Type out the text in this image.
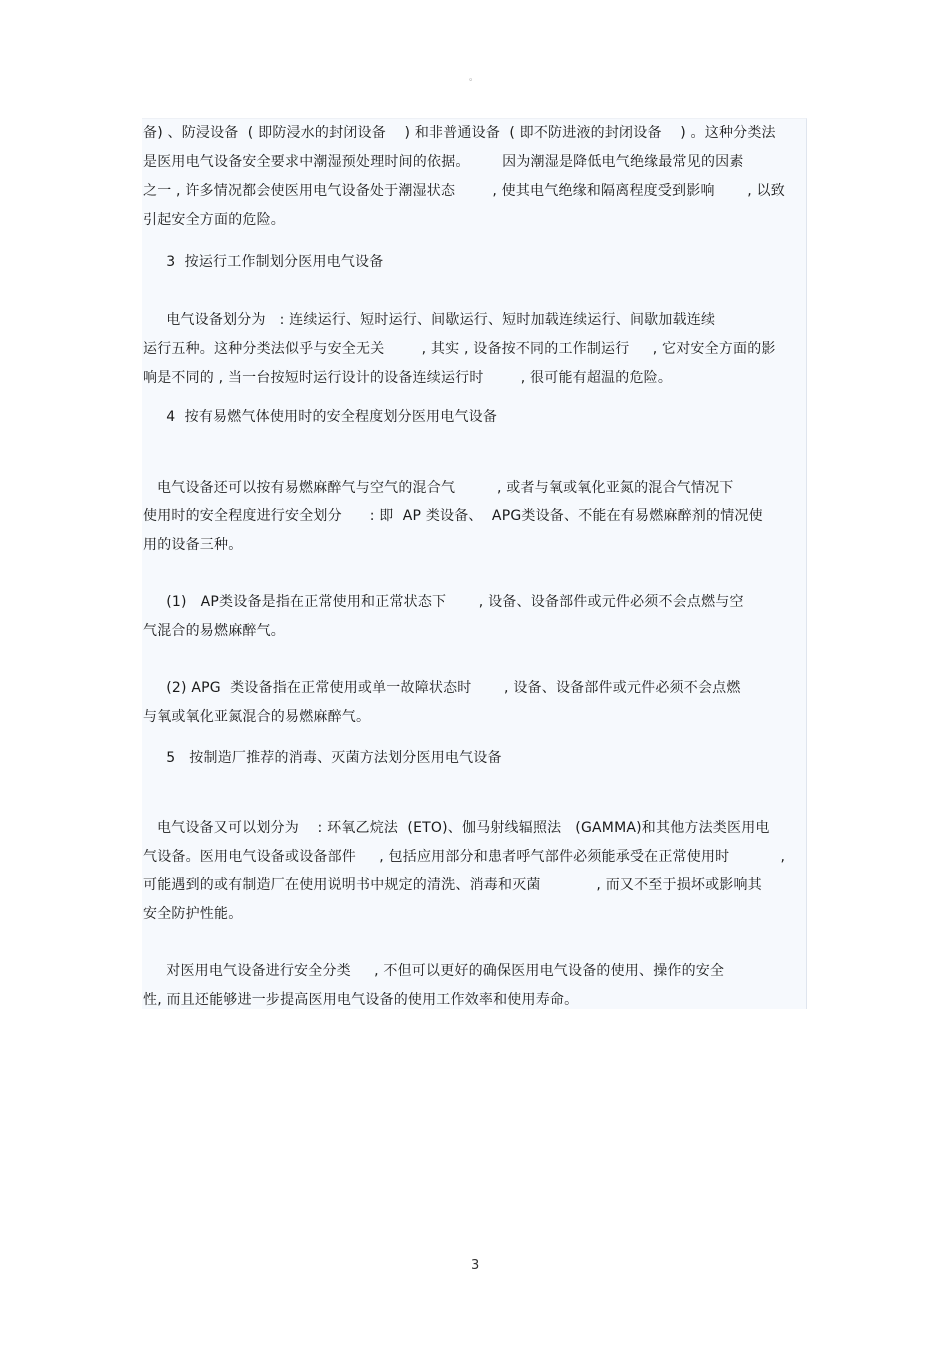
。
备) 、防浸设备  ( 即防浸水的封闭设备    ) 和非普通设备  ( 即不防进液的封闭设备    ) 。这种分类法
是医用电气设备安全要求中潮湿预处理时间的依据。       因为潮湿是降低电气绝缘最常见的因素
之一 , 许多情况都会使医用电气设备处于潮湿状态        , 使其电气绝缘和隔离程度受到影响       , 以致
引起安全方面的危险。
3  按运行工作制划分医用电气设备
电气设备划分为   : 连续运行、短时运行、间歇运行、短时加载连续运行、间歇加载连续
运行五种。这种分类法似乎与安全无关        , 其实 , 设备按不同的工作制运行     , 它对安全方面的影
响是不同的 , 当一台按短时运行设计的设备连续运行时        , 很可能有超温的危险。
4  按有易燃气体使用时的安全程度划分医用电气设备
电气设备还可以按有易燃麻醉气与空气的混合气         , 或者与氧或氧化亚氮的混合气情况下
使用时的安全程度进行安全划分      : 即  AP 类设备、  APG类设备、不能在有易燃麻醉剂的情况使
用的设备三种。
(1)   AP类设备是指在正常使用和正常状态下       , 设备、设备部件或元件必须不会点燃与空
气混合的易燃麻醉气。
(2) APG  类设备指在正常使用或单一故障状态时       , 设备、设备部件或元件必须不会点燃
与氧或氧化亚氮混合的易燃麻醉气。
5   按制造厂推荐的消毒、灭菌方法划分医用电气设备
电气设备又可以划分为    : 环氧乙烷法  (ETO)、伽马射线辐照法   (GAMMA)和其他方法类医用电
气设备。医用电气设备或设备部件     , 包括应用部分和患者呼气部件必须能承受在正常使用时           ,
可能遇到的或有制造厂在使用说明书中规定的清洗、消毒和灭菌            , 而又不至于损坏或影响其
安全防护性能。
对医用电气设备进行安全分类     , 不但可以更好的确保医用电气设备的使用、操作的安全
性, 而且还能够进一步提高医用电气设备的使用工作效率和使用寿命。
3
